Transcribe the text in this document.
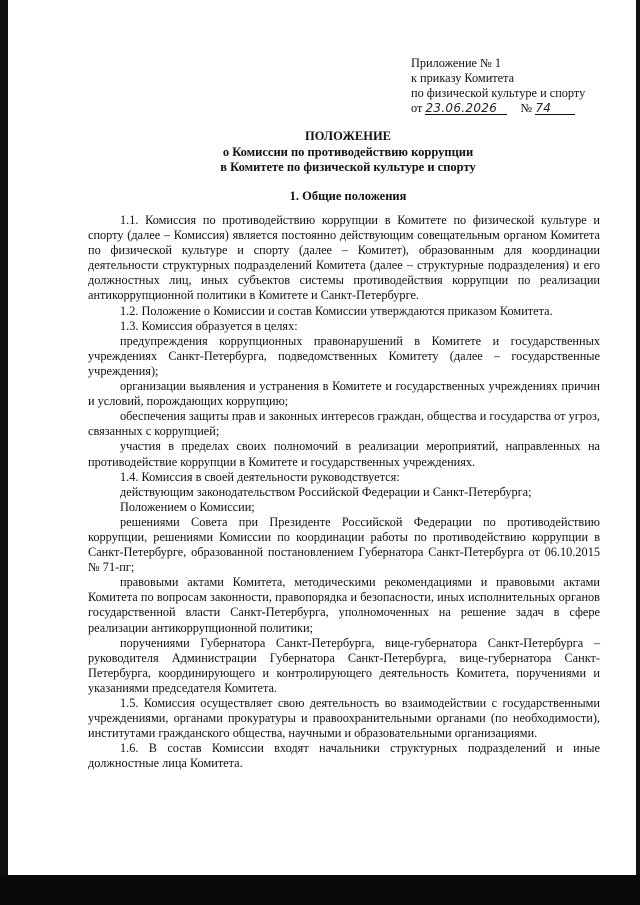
Приложение № 1
к приказу Комитета
по физической культуре и спорту
от 23.06.2026 № 74
ПОЛОЖЕНИЕ
о Комиссии по противодействию коррупции
в Комитете по физической культуре и спорту
1. Общие положения

1.1. Комиссия по противодействию коррупции в Комитете по физической культуре и спорту (далее – Комиссия) является постоянно действующим совещательным органом Комитета по физической культуре и спорту (далее – Комитет), образованным для координации деятельности структурных подразделений Комитета (далее – структурные подразделения) и его должностных лиц, иных субъектов системы противодействия коррупции по реализации антикоррупционной политики в Комитете и Санкт-Петербурге.

1.2. Положение о Комиссии и состав Комиссии утверждаются приказом Комитета.

1.3. Комиссия образуется в целях:

предупреждения коррупционных правонарушений в Комитете и государственных учреждениях Санкт-Петербурга, подведомственных Комитету (далее – государственные учреждения);

организации выявления и устранения в Комитете и государственных учреждениях причин и условий, порождающих коррупцию;

обеспечения защиты прав и законных интересов граждан, общества и государства от угроз, связанных с коррупцией;

участия в пределах своих полномочий в реализации мероприятий, направленных на противодействие коррупции в Комитете и государственных учреждениях.

1.4. Комиссия в своей деятельности руководствуется:

действующим законодательством Российской Федерации и Санкт-Петербурга;

Положением о Комиссии;

решениями Совета при Президенте Российской Федерации по противодействию коррупции, решениями Комиссии по координации работы по противодействию коррупции в Санкт-Петербурге, образованной постановлением Губернатора Санкт-Петербурга от 06.10.2015 № 71-пг;

правовыми актами Комитета, методическими рекомендациями и правовыми актами Комитета по вопросам законности, правопорядка и безопасности, иных исполнительных органов государственной власти Санкт-Петербурга, уполномоченных на решение задач в сфере реализации антикоррупционной политики;

поручениями Губернатора Санкт-Петербурга, вице-губернатора Санкт-Петербурга – руководителя Администрации Губернатора Санкт-Петербурга, вице-губернатора Санкт-Петербурга, координирующего и контролирующего деятельность Комитета, поручениями и указаниями председателя Комитета.

1.5. Комиссия осуществляет свою деятельность во взаимодействии с государственными учреждениями, органами прокуратуры и правоохранительными органами (по необходимости), институтами гражданского общества, научными и образовательными организациями.

1.6. В состав Комиссии входят начальники структурных подразделений и иные должностные лица Комитета.
